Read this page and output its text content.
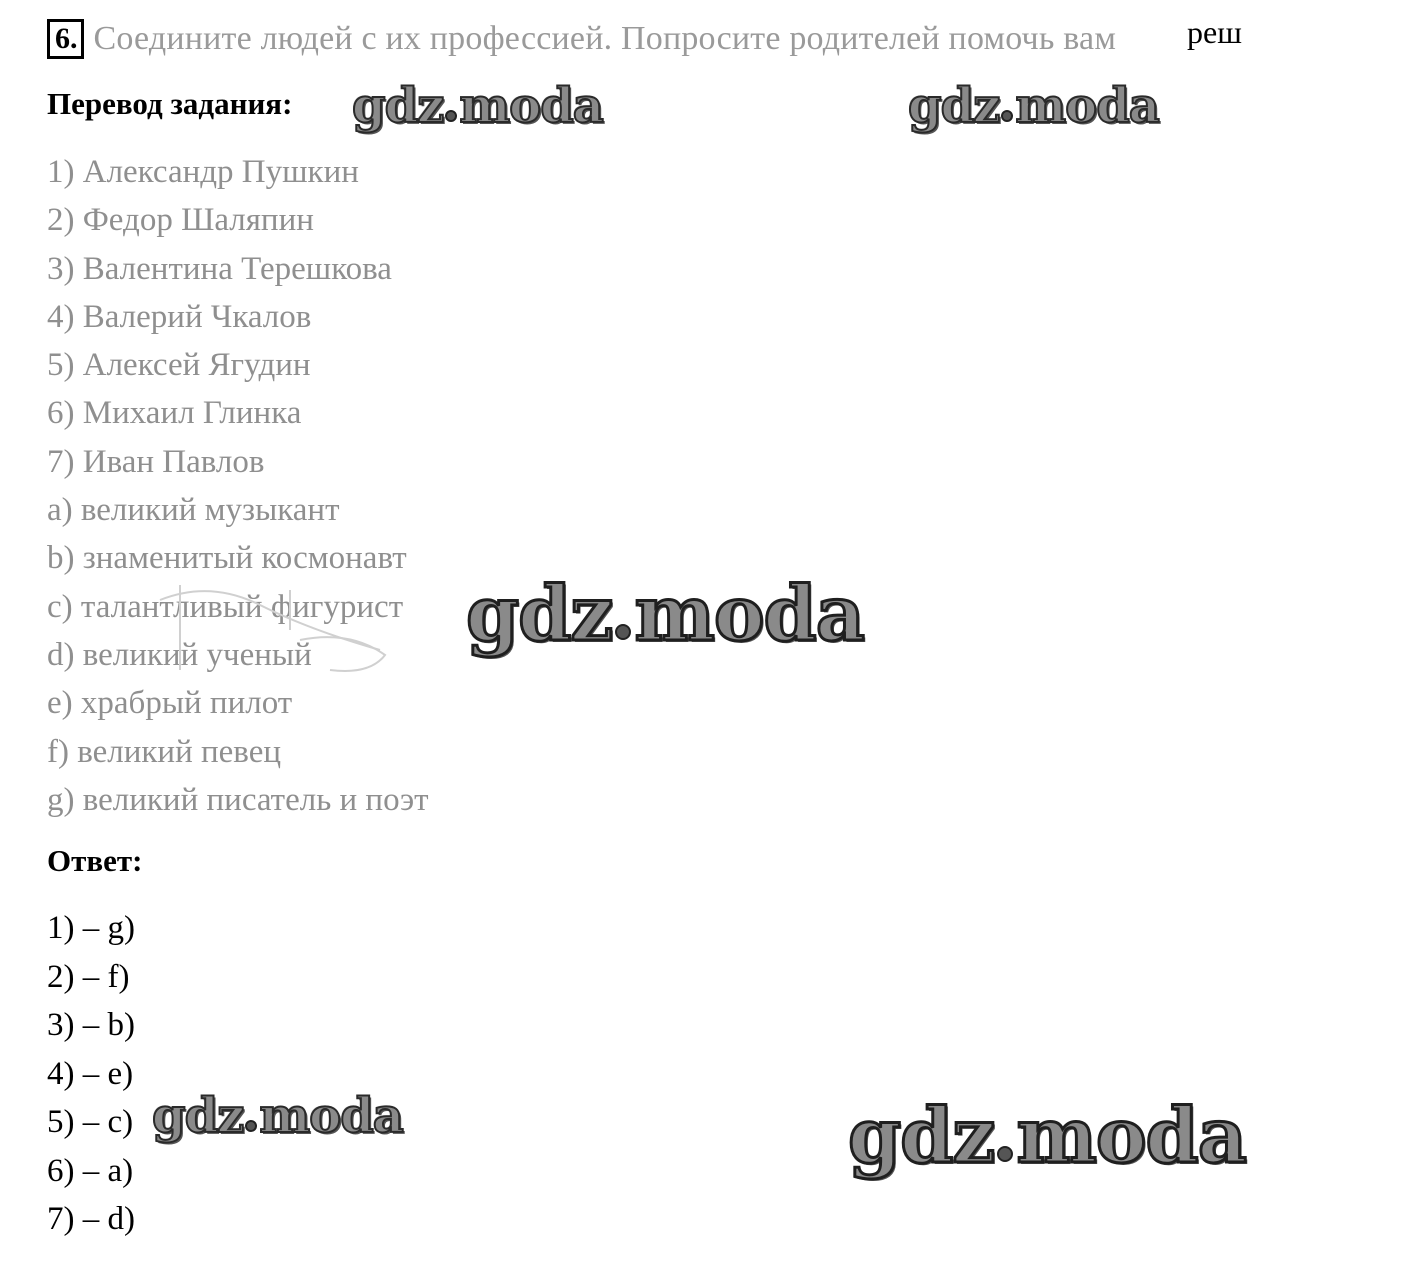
6. Соедините людей с их профессией. Попросите родителей помочь вам реш
Перевод задания:
1) Александр Пушкин
2) Федор Шаляпин
3) Валентина Терешкова
4) Валерий Чкалов
5) Алексей Ягудин
6) Михаил Глинка
7) Иван Павлов
a) великий музыкант
b) знаменитый космонавт
c) талантливый фигурист
d) великий ученый
e) храбрый пилот
f) великий певец
g) великий писатель и поэт
Ответ:
1) – g)
2) – f)
3) – b)
4) – e)
5) – c)
6) – a)
7) – d)
gdz moda	gdz moda
gdz moda
gdz moda	gdz moda
